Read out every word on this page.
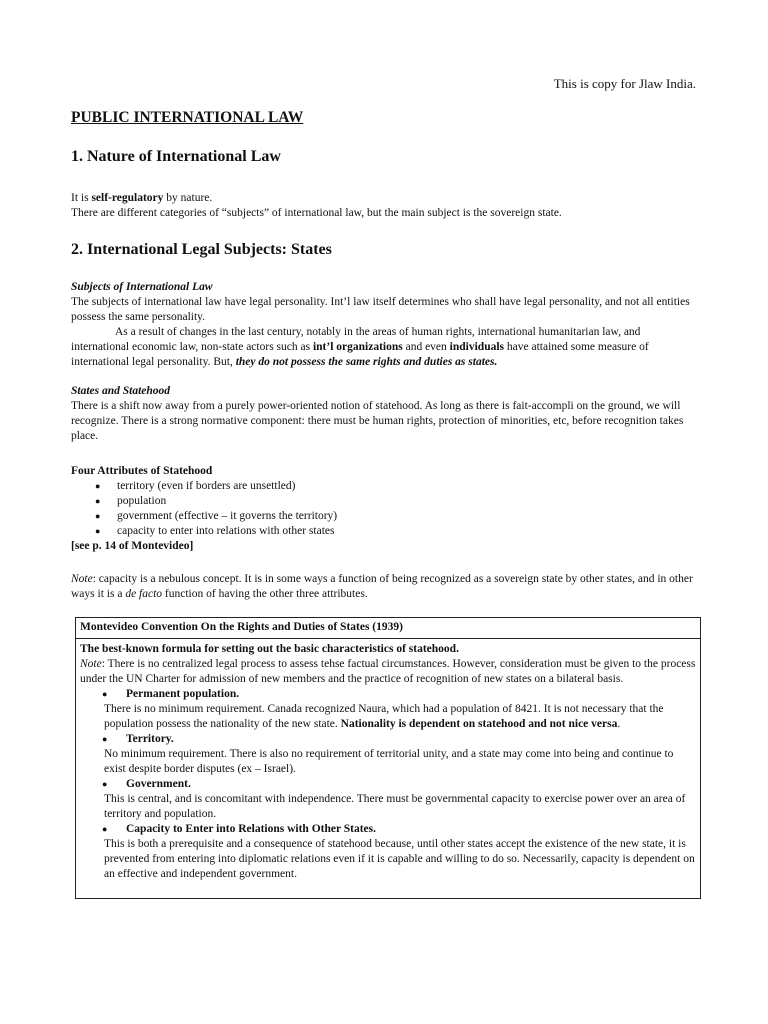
This is copy for Jlaw India.
PUBLIC INTERNATIONAL LAW
1. Nature of International Law

It is self-regulatory by nature.

There are different categories of “subjects” of international law, but the main subject is the sovereign state.

2. International Legal Subjects: States

Subjects of International Law

The subjects of international law have legal personality. Int’l law itself determines who shall have legal personality, and not all entities possess the same personality.

As a result of changes in the last century, notably in the areas of human rights, international humanitarian law, and international economic law, non-state actors such as int’l organizations and even individuals have attained some measure of international legal personality. But, they do not possess the same rights and duties as states.

States and Statehood

There is a shift now away from a purely power-oriented notion of statehood. As long as there is fait-accompli on the ground, we will recognize. There is a strong normative component: there must be human rights, protection of minorities, etc, before recognition takes place.

Four Attributes of Statehood

● territory (even if borders are unsettled)
● population
● government (effective – it governs the territory)
● capacity to enter into relations with other states

[see p. 14 of Montevideo]

Note: capacity is a nebulous concept. It is in some ways a function of being recognized as a sovereign state by other states, and in other ways it is a de facto function of having the other three attributes.

Montevideo Convention On the Rights and Duties of States (1939)

The best-known formula for setting out the basic characteristics of statehood.

Note: There is no centralized legal process to assess tehse factual circumstances. However, consideration must be given to the process under the UN Charter for admission of new members and the practice of recognition of new states on a bilateral basis.

● Permanent population.

There is no minimum requirement. Canada recognized Naura, which had a population of 8421. It is not necessary that the population possess the nationality of the new state. Nationality is dependent on statehood and not nice versa.

● Territory.

No minimum requirement. There is also no requirement of territorial unity, and a state may come into being and continue to exist despite border disputes (ex – Israel).

● Government.

This is central, and is concomitant with independence. There must be governmental capacity to exercise power over an area of territory and population.

● Capacity to Enter into Relations with Other States.

This is both a prerequisite and a consequence of statehood because, until other states accept the existence of the new state, it is prevented from entering into diplomatic relations even if it is capable and willing to do so. Necessarily, capacity is dependent on an effective and independent government.
